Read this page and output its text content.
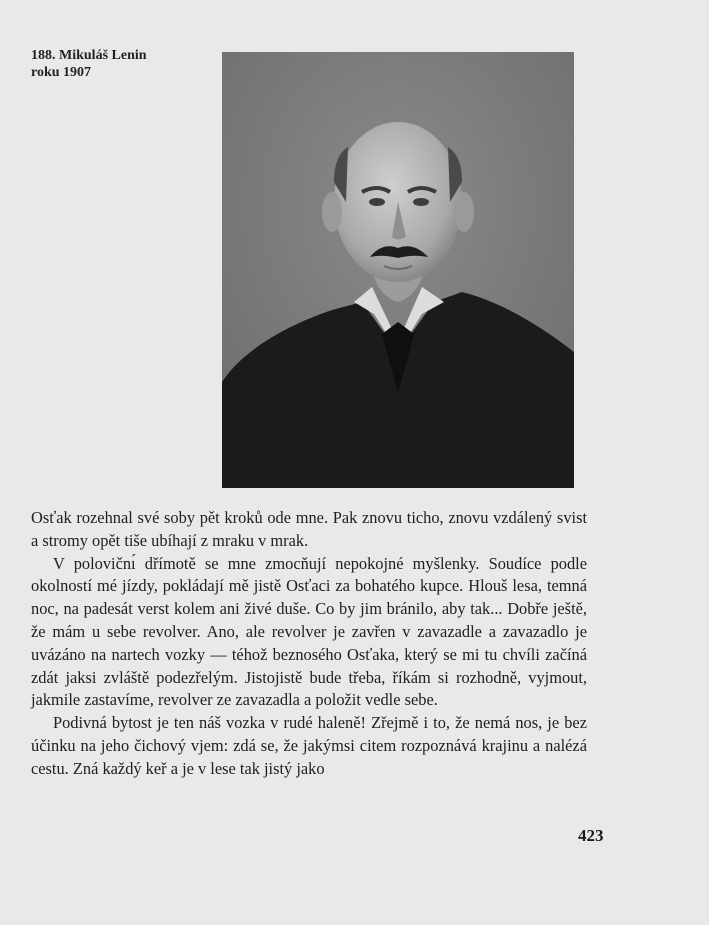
188. Mikuláš Lenin
roku 1907

Osťak rozehnal své soby pět kroků ode mne. Pak znovu ticho, znovu vzdálený svist a stromy opět tiše ubíhají z mraku v mrak.

V polovičnı́ dřímotě se mne zmocňují nepokojné myšlenky. Soudíce podle okolností mé jízdy, pokládají mě jistě Osťaci za bohatého kupce. Hlouš lesa, temná noc, na padesát verst kolem ani živé duše. Co by jim bránilo, aby tak... Dobře ještě, že mám u sebe revolver. Ano, ale revolver je zavřen v zavazadle a zavazadlo je uvázáno na nartech vozky — téhož beznosého Osťaka, který se mi tu chvíli začíná zdát jaksi zvláště podezřelým. Jistojistě bude třeba, říkám si rozhodně, vyjmout, jakmile zastavíme, revolver ze zavazadla a položit vedle sebe.

Podivná bytost je ten náš vozka v rudé haleně! Zřejmě i to, že nemá nos, je bez účinku na jeho čichový vjem: zdá se, že jakýmsi citem rozpoznává krajinu a nalézá cestu. Zná každý keř a je v lese tak jistý jako

423
